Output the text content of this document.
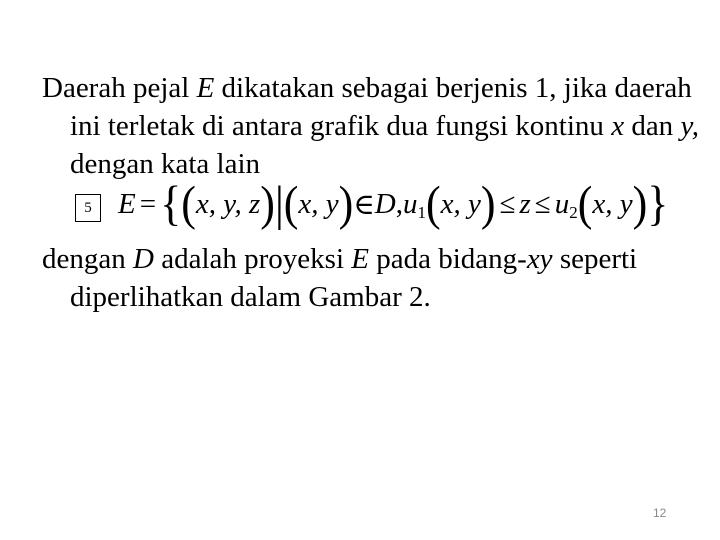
Daerah pejal E dikatakan sebagai berjenis 1, jika daerah ini terletak di antara grafik dua fungsi kontinu x dan y, dengan kata lain
5 E = { ( x, y, z ) | ( x, y ) ∈ D , u 1 ( x, y ) ≤ z ≤ u 2 ( x, y ) }
dengan D adalah proyeksi E pada bidang-xy seperti diperlihatkan dalam Gambar 2.
12
